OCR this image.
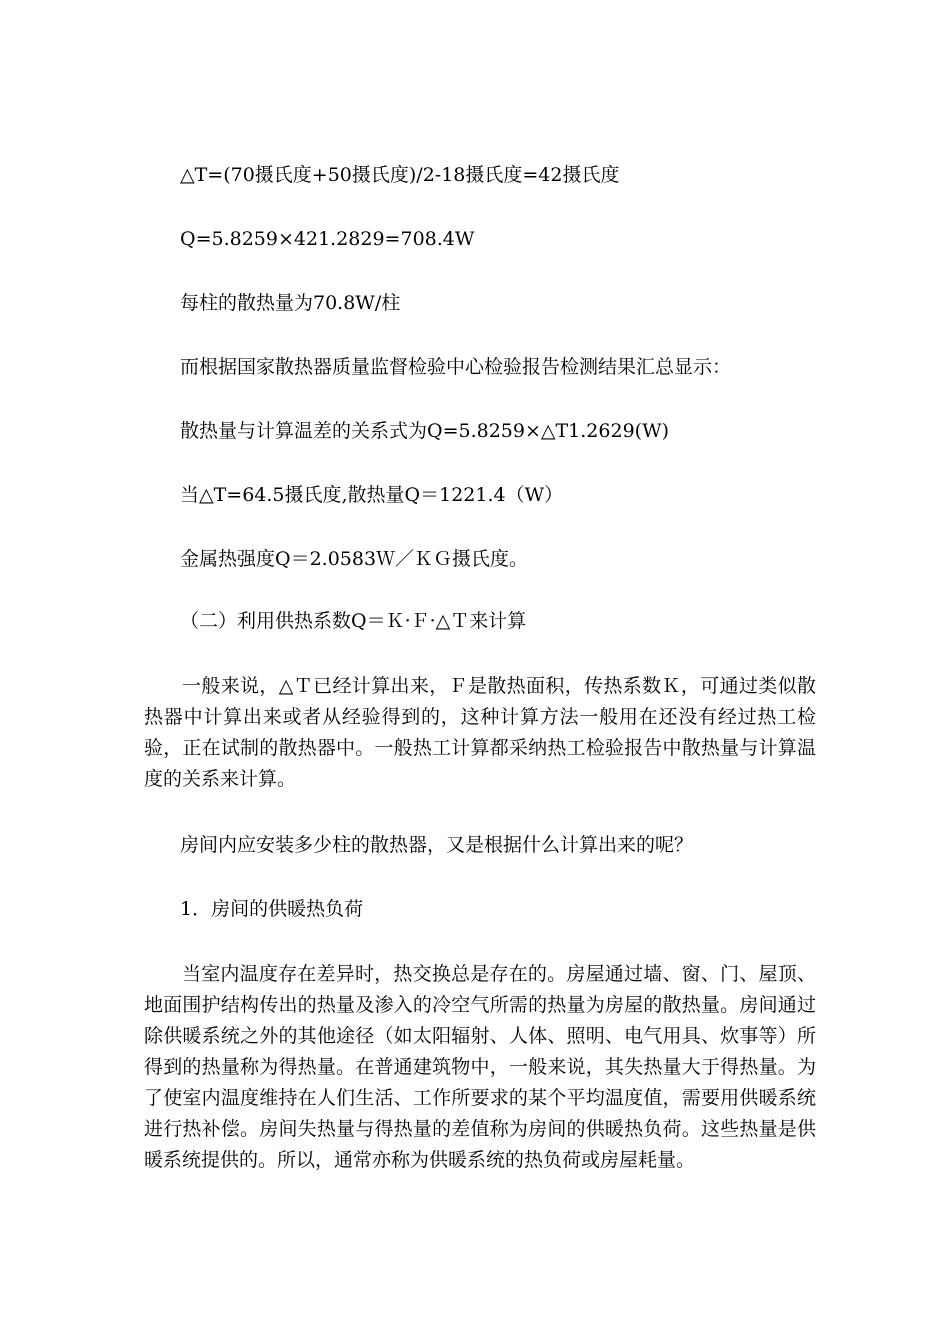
△T=(70摄氏度+50摄氏度)/2-18摄氏度=42摄氏度

Q=5.8259×421.2829=708.4W

每柱的散热量为70.8W/柱

而根据国家散热器质量监督检验中心检验报告检测结果汇总显示：

散热量与计算温差的关系式为Q=5.8259×△T1.2629(W)

当△T=64.5摄氏度,散热量Q＝1221.4（W）

金属热强度Q＝2.0583Ｗ／ＫＧ摄氏度。

（二）利用供热系数Q＝Ｋ·Ｆ·△Ｔ来计算

一般来说，△Ｔ已经计算出来，Ｆ是散热面积，传热系数Ｋ，可通过类似散热器中计算出来或者从经验得到的，这种计算方法一般用在还没有经过热工检验，正在试制的散热器中。一般热工计算都采纳热工检验报告中散热量与计算温度的关系来计算。

房间内应安装多少柱的散热器，又是根据什么计算出来的呢？

1．房间的供暖热负荷

当室内温度存在差异时，热交换总是存在的。房屋通过墙、窗、门、屋顶、地面围护结构传出的热量及渗入的冷空气所需的热量为房屋的散热量。房间通过除供暖系统之外的其他途径（如太阳辐射、人体、照明、电气用具、炊事等）所得到的热量称为得热量。在普通建筑物中，一般来说，其失热量大于得热量。为了使室内温度维持在人们生活、工作所要求的某个平均温度值，需要用供暖系统进行热补偿。房间失热量与得热量的差值称为房间的供暖热负荷。这些热量是供暖系统提供的。所以，通常亦称为供暖系统的热负荷或房屋耗量。
